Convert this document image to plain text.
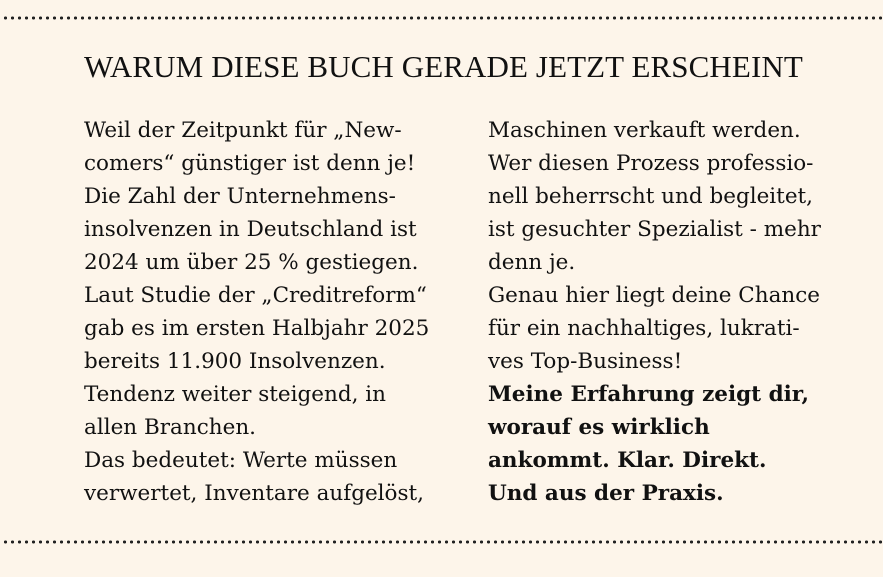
WARUM DIESE BUCH GERADE JETZT ERSCHEINT
Weil der Zeitpunkt für „New-
comers“ günstiger ist denn je!
Die Zahl der Unternehmens-
insolvenzen in Deutschland ist
2024 um über 25 % gestiegen.
Laut Studie der „Creditreform“
gab es im ersten Halbjahr 2025
bereits 11.900 Insolvenzen.
Tendenz weiter steigend, in
allen Branchen.
Das bedeutet: Werte müssen
verwertet, Inventare aufgelöst,
Maschinen verkauft werden.
Wer diesen Prozess professio-
nell beherrscht und begleitet,
ist gesuchter Spezialist - mehr
denn je.
Genau hier liegt deine Chance
für ein nachhaltiges, lukrati-
ves Top-Business!
Meine Erfahrung zeigt dir,
worauf es wirklich
ankommt. Klar. Direkt.
Und aus der Praxis.
